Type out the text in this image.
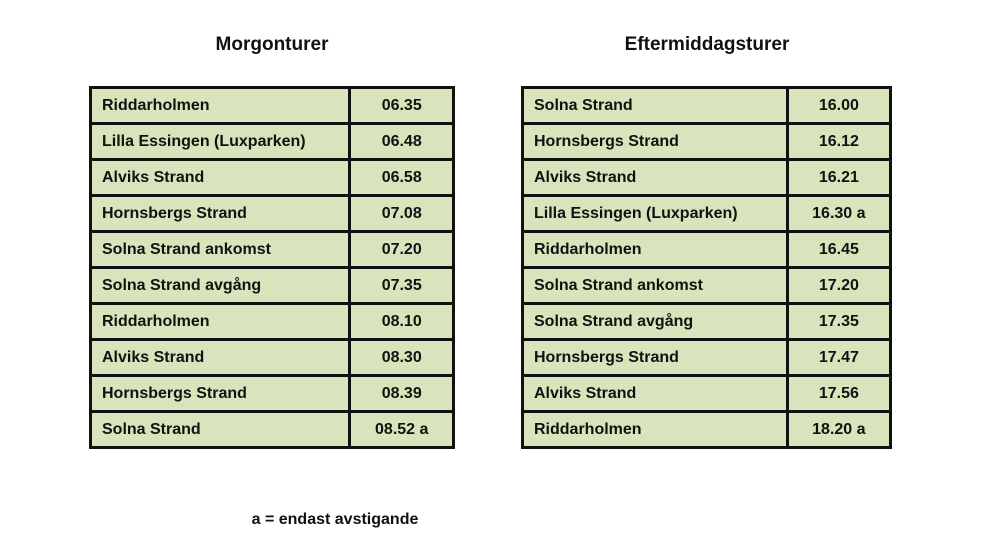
Morgonturer	Eftermiddagsturer
Riddarholmen	06.35
Lilla Essingen (Luxparken)	06.48
Alviks Strand	06.58
Hornsbergs Strand	07.08
Solna Strand ankomst	07.20
Solna Strand avgång	07.35
Riddarholmen	08.10
Alviks Strand	08.30
Hornsbergs Strand	08.39
Solna Strand	08.52 a
Solna Strand	16.00
Hornsbergs Strand	16.12
Alviks Strand	16.21
Lilla Essingen (Luxparken)	16.30 a
Riddarholmen	16.45
Solna Strand ankomst	17.20
Solna Strand avgång	17.35
Hornsbergs Strand	17.47
Alviks Strand	17.56
Riddarholmen	18.20 a
a = endast avstigande
